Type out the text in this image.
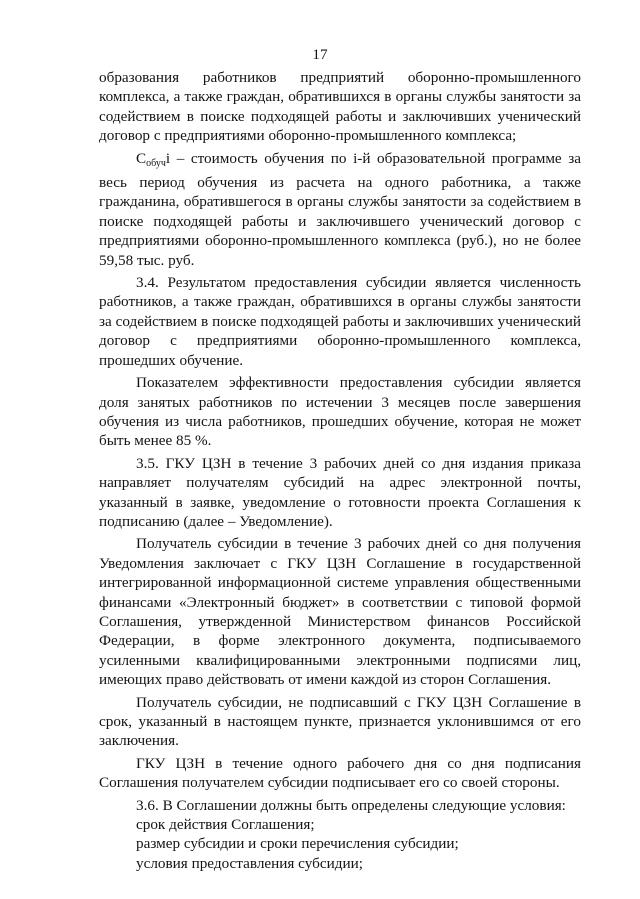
17

образования работников предприятий оборонно-промышленного комплекса, а также граждан, обратившихся в органы службы занятости за содействием в поиске подходящей работы и заключивших ученический договор с предприятиями оборонно-промышленного комплекса;

$С_{обуч}i$ – стоимость обучения по i-й образовательной программе за весь период обучения из расчета на одного работника, а также гражданина, обратившегося в органы службы занятости за содействием в поиске подходящей работы и заключившего ученический договор с предприятиями оборонно-промышленного комплекса (руб.), но не более 59,58 тыс. руб.

3.4. Результатом предоставления субсидии является численность работников, а также граждан, обратившихся в органы службы занятости за содействием в поиске подходящей работы и заключивших ученический договор с предприятиями оборонно-промышленного комплекса, прошедших обучение.

Показателем эффективности предоставления субсидии является доля занятых работников по истечении 3 месяцев после завершения обучения из числа работников, прошедших обучение, которая не может быть менее 85 %.

3.5. ГКУ ЦЗН в течение 3 рабочих дней со дня издания приказа направляет получателям субсидий на адрес электронной почты, указанный в заявке, уведомление о готовности проекта Соглашения к подписанию (далее – Уведомление).

Получатель субсидии в течение 3 рабочих дней со дня получения Уведомления заключает с ГКУ ЦЗН Соглашение в государственной интегрированной информационной системе управления общественными финансами «Электронный бюджет» в соответствии с типовой формой Соглашения, утвержденной Министерством финансов Российской Федерации, в форме электронного документа, подписываемого усиленными квалифицированными электронными подписями лиц, имеющих право действовать от имени каждой из сторон Соглашения.

Получатель субсидии, не подписавший с ГКУ ЦЗН Соглашение в срок, указанный в настоящем пункте, признается уклонившимся от его заключения.

ГКУ ЦЗН в течение одного рабочего дня со дня подписания Соглашения получателем субсидии подписывает его со своей стороны.

3.6. В Соглашении должны быть определены следующие условия:

срок действия Соглашения;

размер субсидии и сроки перечисления субсидии;

условия предоставления субсидии;
